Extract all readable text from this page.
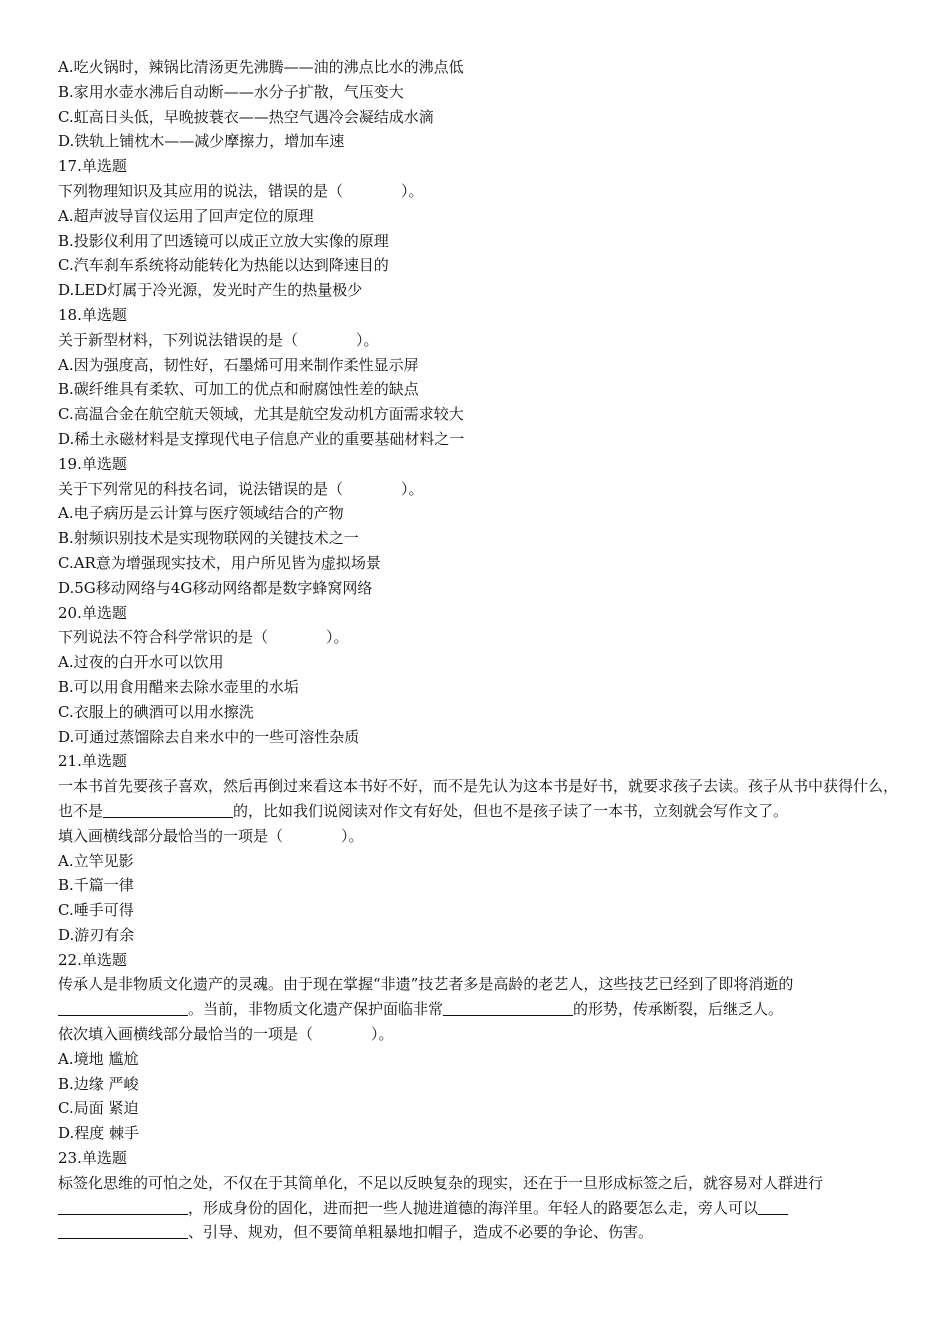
A.吃火锅时，辣锅比清汤更先沸腾——油的沸点比水的沸点低
B.家用水壶水沸后自动断——水分子扩散，气压变大
C.虹高日头低，早晚披蓑衣——热空气遇冷会凝结成水滴
D.铁轨上铺枕木——减少摩擦力，增加车速
17.单选题
下列物理知识及其应用的说法，错误的是（	）。
A.超声波导盲仪运用了回声定位的原理
B.投影仪利用了凹透镜可以成正立放大实像的原理
C.汽车刹车系统将动能转化为热能以达到降速目的
D.LED灯属于冷光源，发光时产生的热量极少
18.单选题
关于新型材料，下列说法错误的是（	）。
A.因为强度高，韧性好，石墨烯可用来制作柔性显示屏
B.碳纤维具有柔软、可加工的优点和耐腐蚀性差的缺点
C.高温合金在航空航天领域，尤其是航空发动机方面需求较大
D.稀土永磁材料是支撑现代电子信息产业的重要基础材料之一
19.单选题
关于下列常见的科技名词，说法错误的是（	）。
A.电子病历是云计算与医疗领域结合的产物
B.射频识别技术是实现物联网的关键技术之一
C.AR意为增强现实技术，用户所见皆为虚拟场景
D.5G移动网络与4G移动网络都是数字蜂窝网络
20.单选题
下列说法不符合科学常识的是（	）。
A.过夜的白开水可以饮用
B.可以用食用醋来去除水壶里的水垢
C.衣服上的碘酒可以用水擦洗
D.可通过蒸馏除去自来水中的一些可溶性杂质
21.单选题
一本书首先要孩子喜欢，然后再倒过来看这本书好不好，而不是先认为这本书是好书，就要求孩子去读。孩子从书中获得什么，也不是	的，比如我们说阅读对作文有好处，但也不是孩子读了一本书，立刻就会写作文了。
填入画横线部分最恰当的一项是（	）。
A.立竿见影
B.千篇一律
C.唾手可得
D.游刃有余
22.单选题
传承人是非物质文化遗产的灵魂。由于现在掌握“非遗”技艺者多是高龄的老艺人，这些技艺已经到了即将消逝的。当前，非物质文化遗产保护面临非常	的形势，传承断裂，后继乏人。
依次填入画横线部分最恰当的一项是（	）。
A.境地 尴尬
B.边缘 严峻
C.局面 紧迫
D.程度 棘手
23.单选题
标签化思维的可怕之处，不仅在于其简单化，不足以反映复杂的现实，还在于一旦形成标签之后，就容易对人群进行，形成身份的固化，进而把一些人抛进道德的海洋里。年轻人的路要怎么走，旁人可以、引导、规劝，但不要简单粗暴地扣帽子，造成不必要的争论、伤害。
